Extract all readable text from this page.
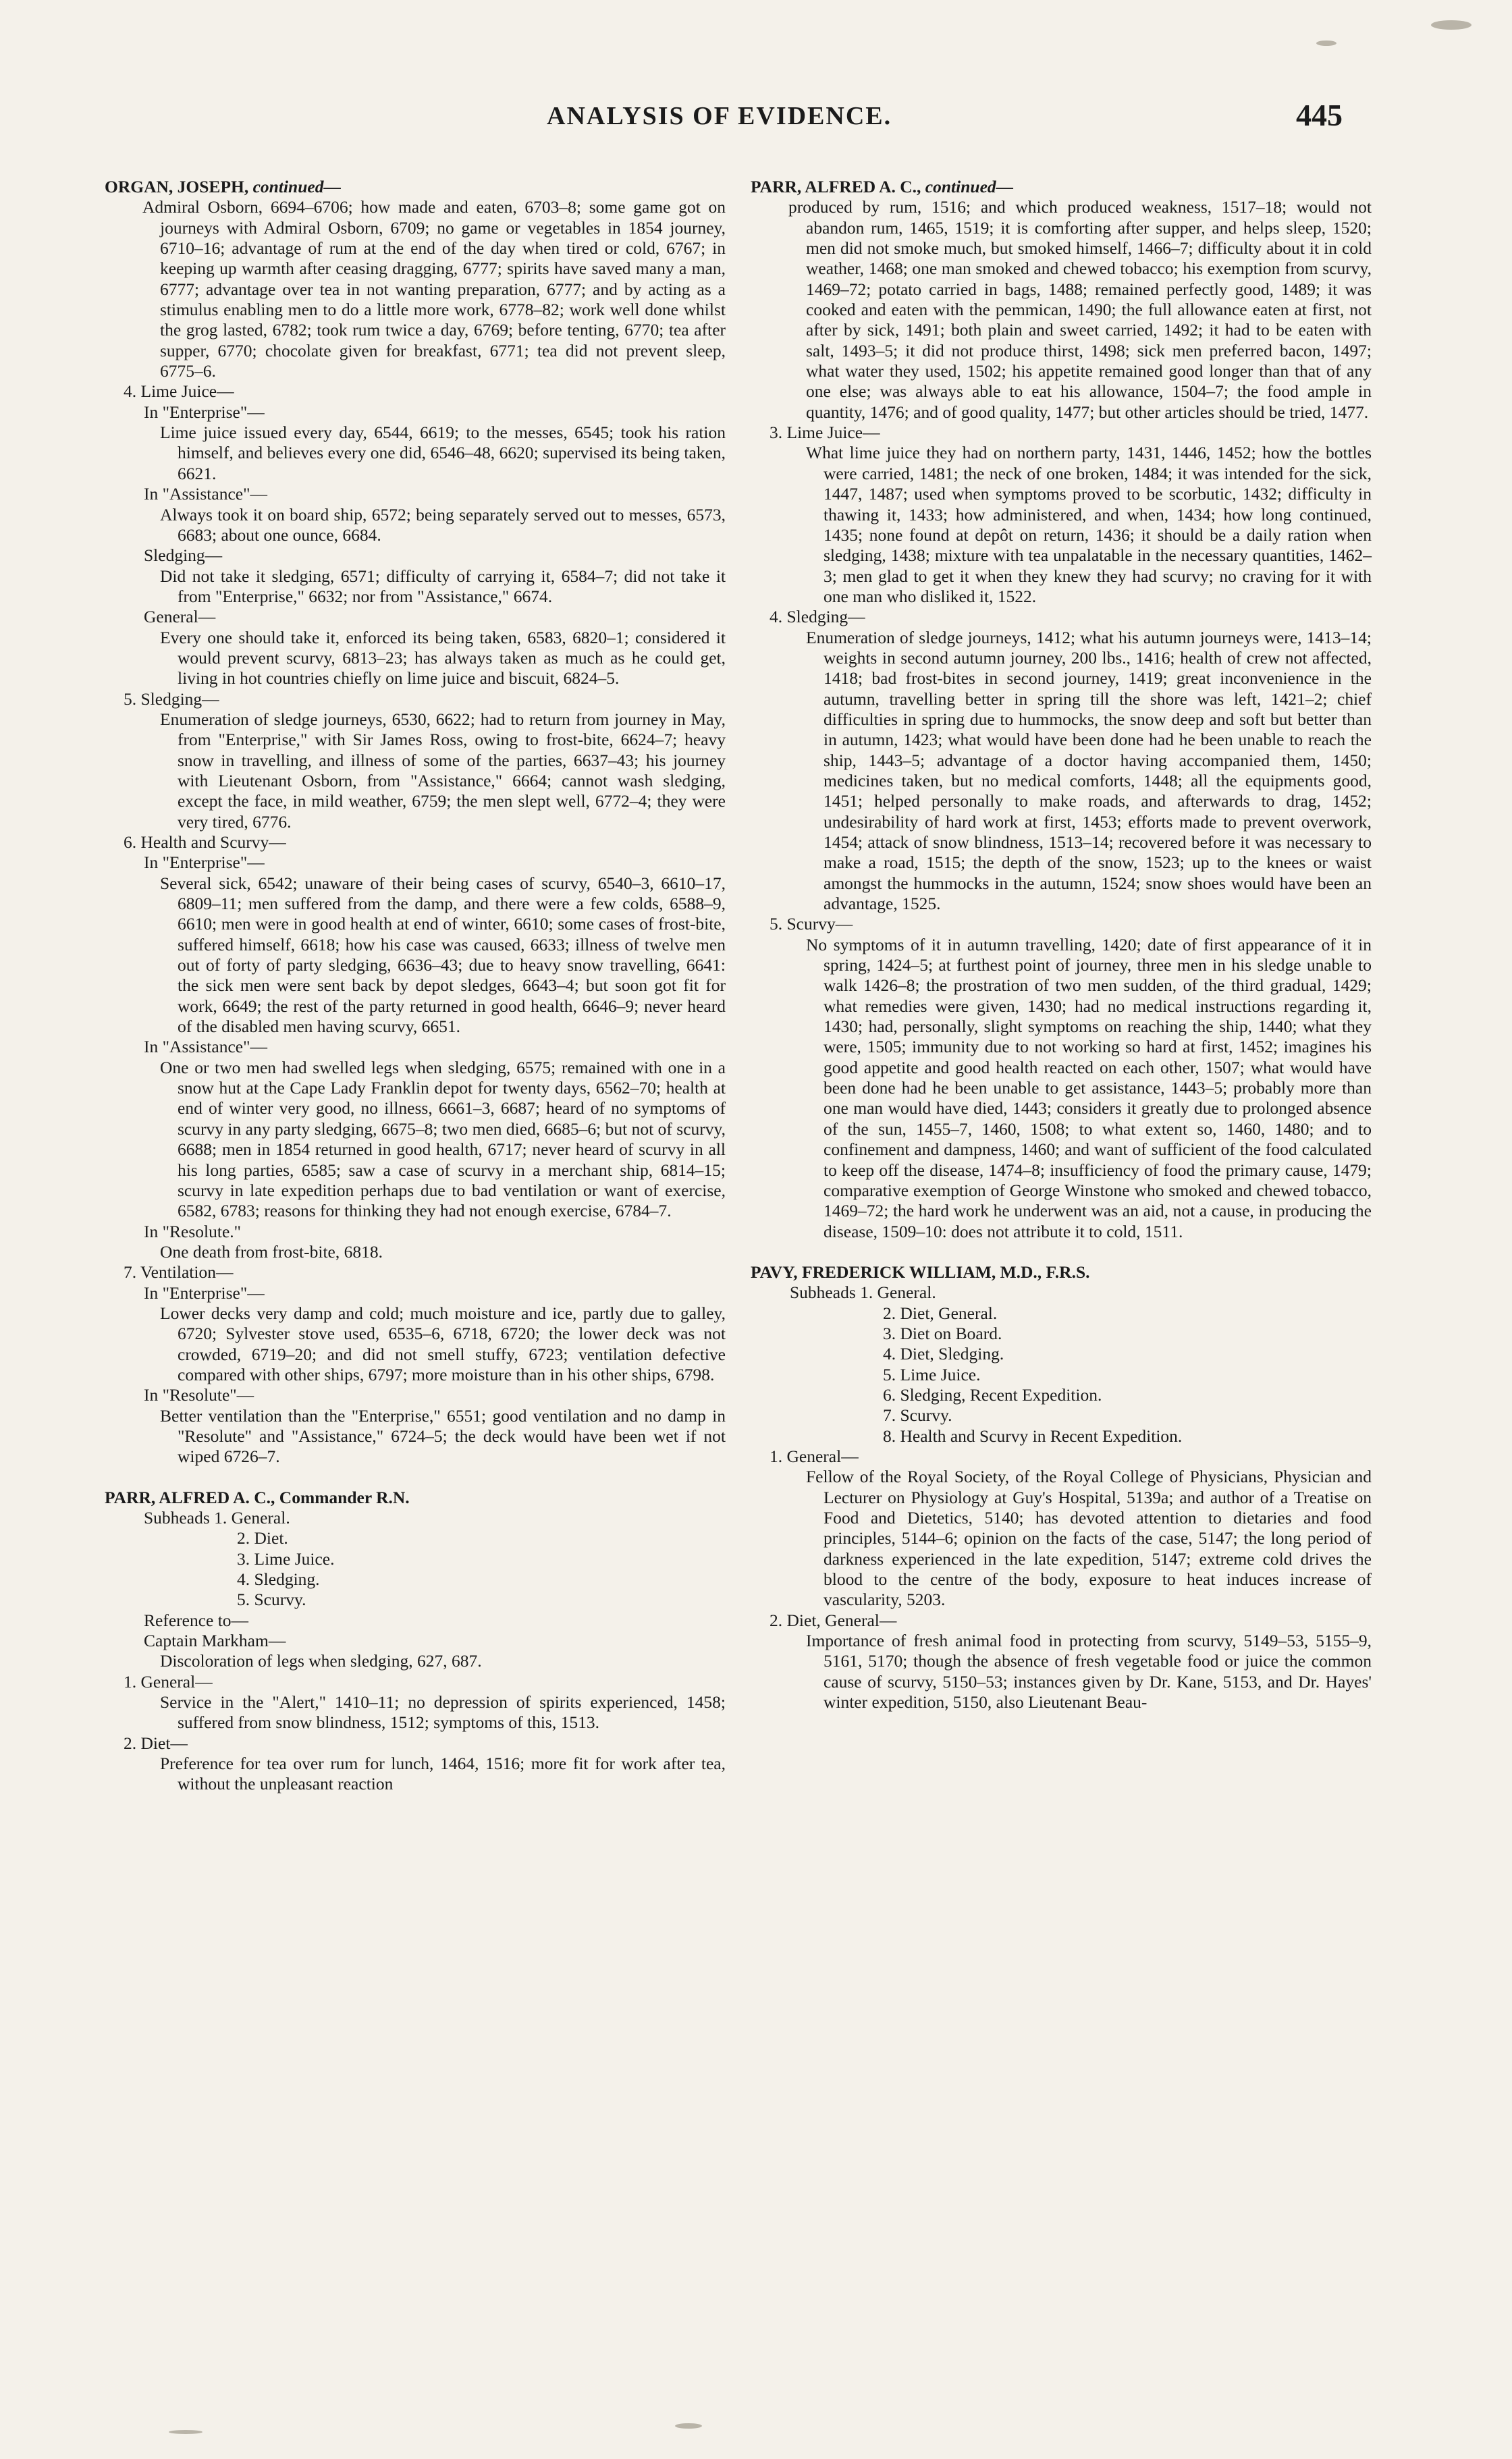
ANALYSIS OF EVIDENCE.	445

ORGAN, JOSEPH, continued—

Admiral Osborn, 6694–6706; how made and eaten, 6703–8; some game got on journeys with Admiral Osborn, 6709; no game or vegetables in 1854 journey, 6710–16; advantage of rum at the end of the day when tired or cold, 6767; in keeping up warmth after ceasing dragging, 6777; spirits have saved many a man, 6777; advantage over tea in not wanting preparation, 6777; and by acting as a stimulus enabling men to do a little more work, 6778–82; work well done whilst the grog lasted, 6782; took rum twice a day, 6769; before tenting, 6770; tea after supper, 6770; chocolate given for breakfast, 6771; tea did not prevent sleep, 6775–6.

4. Lime Juice—

In "Enterprise"—

Lime juice issued every day, 6544, 6619; to the messes, 6545; took his ration himself, and believes every one did, 6546–48, 6620; supervised its being taken, 6621.

In "Assistance"—

Always took it on board ship, 6572; being separately served out to messes, 6573, 6683; about one ounce, 6684.

Sledging—

Did not take it sledging, 6571; difficulty of carrying it, 6584–7; did not take it from "Enterprise," 6632; nor from "Assistance," 6674.

General—

Every one should take it, enforced its being taken, 6583, 6820–1; considered it would prevent scurvy, 6813–23; has always taken as much as he could get, living in hot countries chiefly on lime juice and biscuit, 6824–5.

5. Sledging—

Enumeration of sledge journeys, 6530, 6622; had to return from journey in May, from "Enterprise," with Sir James Ross, owing to frost-bite, 6624–7; heavy snow in travelling, and illness of some of the parties, 6637–43; his journey with Lieutenant Osborn, from "Assistance," 6664; cannot wash sledging, except the face, in mild weather, 6759; the men slept well, 6772–4; they were very tired, 6776.

6. Health and Scurvy—

In "Enterprise"—

Several sick, 6542; unaware of their being cases of scurvy, 6540–3, 6610–17, 6809–11; men suffered from the damp, and there were a few colds, 6588–9, 6610; men were in good health at end of winter, 6610; some cases of frost-bite, suffered himself, 6618; how his case was caused, 6633; illness of twelve men out of forty of party sledging, 6636–43; due to heavy snow travelling, 6641: the sick men were sent back by depot sledges, 6643–4; but soon got fit for work, 6649; the rest of the party returned in good health, 6646–9; never heard of the disabled men having scurvy, 6651.

In "Assistance"—

One or two men had swelled legs when sledging, 6575; remained with one in a snow hut at the Cape Lady Franklin depot for twenty days, 6562–70; health at end of winter very good, no illness, 6661–3, 6687; heard of no symptoms of scurvy in any party sledging, 6675–8; two men died, 6685–6; but not of scurvy, 6688; men in 1854 returned in good health, 6717; never heard of scurvy in all his long parties, 6585; saw a case of scurvy in a merchant ship, 6814–15; scurvy in late expedition perhaps due to bad ventilation or want of exercise, 6582, 6783; reasons for thinking they had not enough exercise, 6784–7.

In "Resolute."

One death from frost-bite, 6818.

7. Ventilation—

In "Enterprise"—

Lower decks very damp and cold; much moisture and ice, partly due to galley, 6720; Sylvester stove used, 6535–6, 6718, 6720; the lower deck was not crowded, 6719–20; and did not smell stuffy, 6723; ventilation defective compared with other ships, 6797; more moisture than in his other ships, 6798.

In "Resolute"—

Better ventilation than the "Enterprise," 6551; good ventilation and no damp in "Resolute" and "Assistance," 6724–5; the deck would have been wet if not wiped 6726–7.

PARR, ALFRED A. C., Commander R.N.

Subheads 1. General.

2. Diet.

3. Lime Juice.

4. Sledging.

5. Scurvy.

Reference to—

Captain Markham—

Discoloration of legs when sledging, 627, 687.

1. General—

Service in the "Alert," 1410–11; no depression of spirits experienced, 1458; suffered from snow blindness, 1512; symptoms of this, 1513.

2. Diet—

Preference for tea over rum for lunch, 1464, 1516; more fit for work after tea, without the unpleasant reaction

PARR, ALFRED A. C., continued—

produced by rum, 1516; and which produced weakness, 1517–18; would not abandon rum, 1465, 1519; it is comforting after supper, and helps sleep, 1520; men did not smoke much, but smoked himself, 1466–7; difficulty about it in cold weather, 1468; one man smoked and chewed tobacco; his exemption from scurvy, 1469–72; potato carried in bags, 1488; remained perfectly good, 1489; it was cooked and eaten with the pemmican, 1490; the full allowance eaten at first, not after by sick, 1491; both plain and sweet carried, 1492; it had to be eaten with salt, 1493–5; it did not produce thirst, 1498; sick men preferred bacon, 1497; what water they used, 1502; his appetite remained good longer than that of any one else; was always able to eat his allowance, 1504–7; the food ample in quantity, 1476; and of good quality, 1477; but other articles should be tried, 1477.

3. Lime Juice—

What lime juice they had on northern party, 1431, 1446, 1452; how the bottles were carried, 1481; the neck of one broken, 1484; it was intended for the sick, 1447, 1487; used when symptoms proved to be scorbutic, 1432; difficulty in thawing it, 1433; how administered, and when, 1434; how long continued, 1435; none found at depôt on return, 1436; it should be a daily ration when sledging, 1438; mixture with tea unpalatable in the necessary quantities, 1462–3; men glad to get it when they knew they had scurvy; no craving for it with one man who disliked it, 1522.

4. Sledging—

Enumeration of sledge journeys, 1412; what his autumn journeys were, 1413–14; weights in second autumn journey, 200 lbs., 1416; health of crew not affected, 1418; bad frost-bites in second journey, 1419; great inconvenience in the autumn, travelling better in spring till the shore was left, 1421–2; chief difficulties in spring due to hummocks, the snow deep and soft but better than in autumn, 1423; what would have been done had he been unable to reach the ship, 1443–5; advantage of a doctor having accompanied them, 1450; medicines taken, but no medical comforts, 1448; all the equipments good, 1451; helped personally to make roads, and afterwards to drag, 1452; undesirability of hard work at first, 1453; efforts made to prevent overwork, 1454; attack of snow blindness, 1513–14; recovered before it was necessary to make a road, 1515; the depth of the snow, 1523; up to the knees or waist amongst the hummocks in the autumn, 1524; snow shoes would have been an advantage, 1525.

5. Scurvy—

No symptoms of it in autumn travelling, 1420; date of first appearance of it in spring, 1424–5; at furthest point of journey, three men in his sledge unable to walk 1426–8; the prostration of two men sudden, of the third gradual, 1429; what remedies were given, 1430; had no medical instructions regarding it, 1430; had, personally, slight symptoms on reaching the ship, 1440; what they were, 1505; immunity due to not working so hard at first, 1452; imagines his good appetite and good health reacted on each other, 1507; what would have been done had he been unable to get assistance, 1443–5; probably more than one man would have died, 1443; considers it greatly due to prolonged absence of the sun, 1455–7, 1460, 1508; to what extent so, 1460, 1480; and to confinement and dampness, 1460; and want of sufficient of the food calculated to keep off the disease, 1474–8; insufficiency of food the primary cause, 1479; comparative exemption of George Winstone who smoked and chewed tobacco, 1469–72; the hard work he underwent was an aid, not a cause, in producing the disease, 1509–10: does not attribute it to cold, 1511.

PAVY, FREDERICK WILLIAM, M.D., F.R.S.

Subheads 1. General.

2. Diet, General.

3. Diet on Board.

4. Diet, Sledging.

5. Lime Juice.

6. Sledging, Recent Expedition.

7. Scurvy.

8. Health and Scurvy in Recent Expedition.

1. General—

Fellow of the Royal Society, of the Royal College of Physicians, Physician and Lecturer on Physiology at Guy's Hospital, 5139a; and author of a Treatise on Food and Dietetics, 5140; has devoted attention to dietaries and food principles, 5144–6; opinion on the facts of the case, 5147; the long period of darkness experienced in the late expedition, 5147; extreme cold drives the blood to the centre of the body, exposure to heat induces increase of vascularity, 5203.

2. Diet, General—

Importance of fresh animal food in protecting from scurvy, 5149–53, 5155–9, 5161, 5170; though the absence of fresh vegetable food or juice the common cause of scurvy, 5150–53; instances given by Dr. Kane, 5153, and Dr. Hayes' winter expedition, 5150, also Lieutenant Beau-
